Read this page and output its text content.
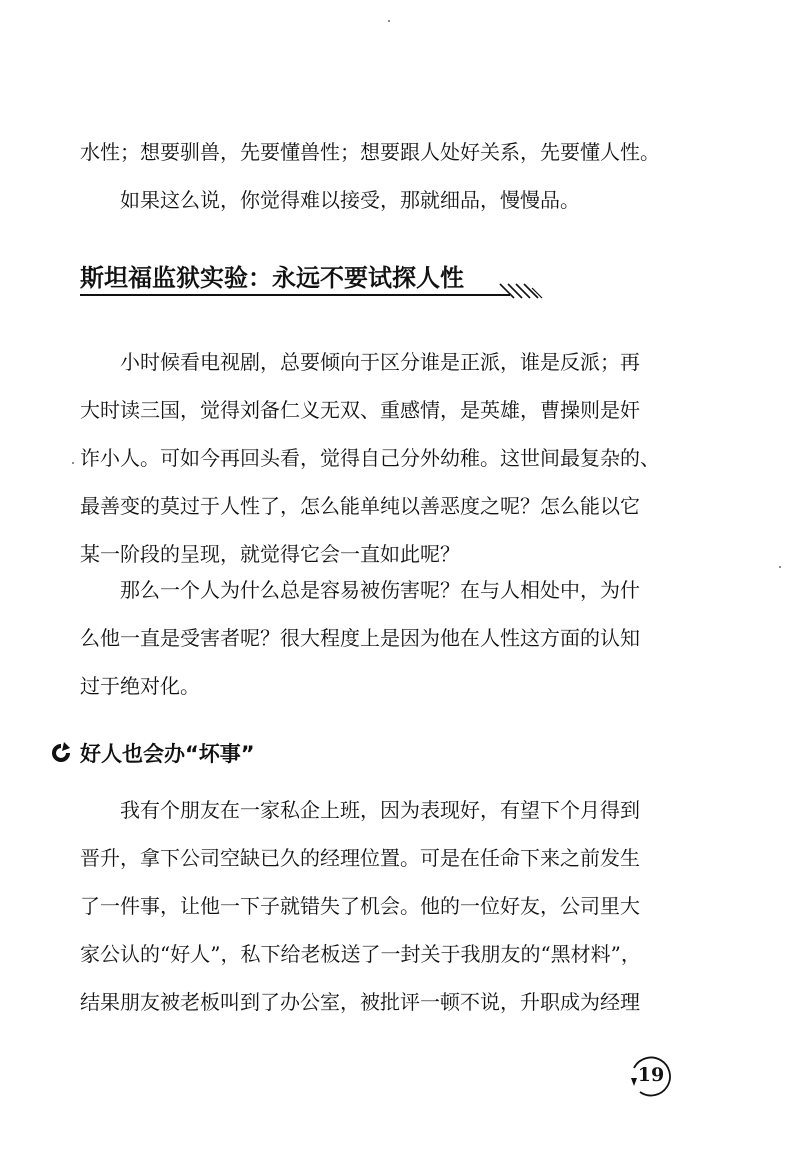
水性；想要驯兽，先要懂兽性；想要跟人处好关系，先要懂人性。
如果这么说，你觉得难以接受，那就细品，慢慢品。
斯坦福监狱实验：永远不要试探人性
小时候看电视剧，总要倾向于区分谁是正派，谁是反派；再
大时读三国，觉得刘备仁义无双、重感情，是英雄，曹操则是奸
诈小人。可如今再回头看，觉得自己分外幼稚。这世间最复杂的、
最善变的莫过于人性了，怎么能单纯以善恶度之呢？怎么能以它
某一阶段的呈现，就觉得它会一直如此呢？
那么一个人为什么总是容易被伤害呢？在与人相处中，为什
么他一直是受害者呢？很大程度上是因为他在人性这方面的认知
过于绝对化。
好人也会办“坏事”
我有个朋友在一家私企上班，因为表现好，有望下个月得到
晋升，拿下公司空缺已久的经理位置。可是在任命下来之前发生
了一件事，让他一下子就错失了机会。他的一位好友，公司里大
家公认的“好人”，私下给老板送了一封关于我朋友的“黑材料”，
结果朋友被老板叫到了办公室，被批评一顿不说，升职成为经理
19
